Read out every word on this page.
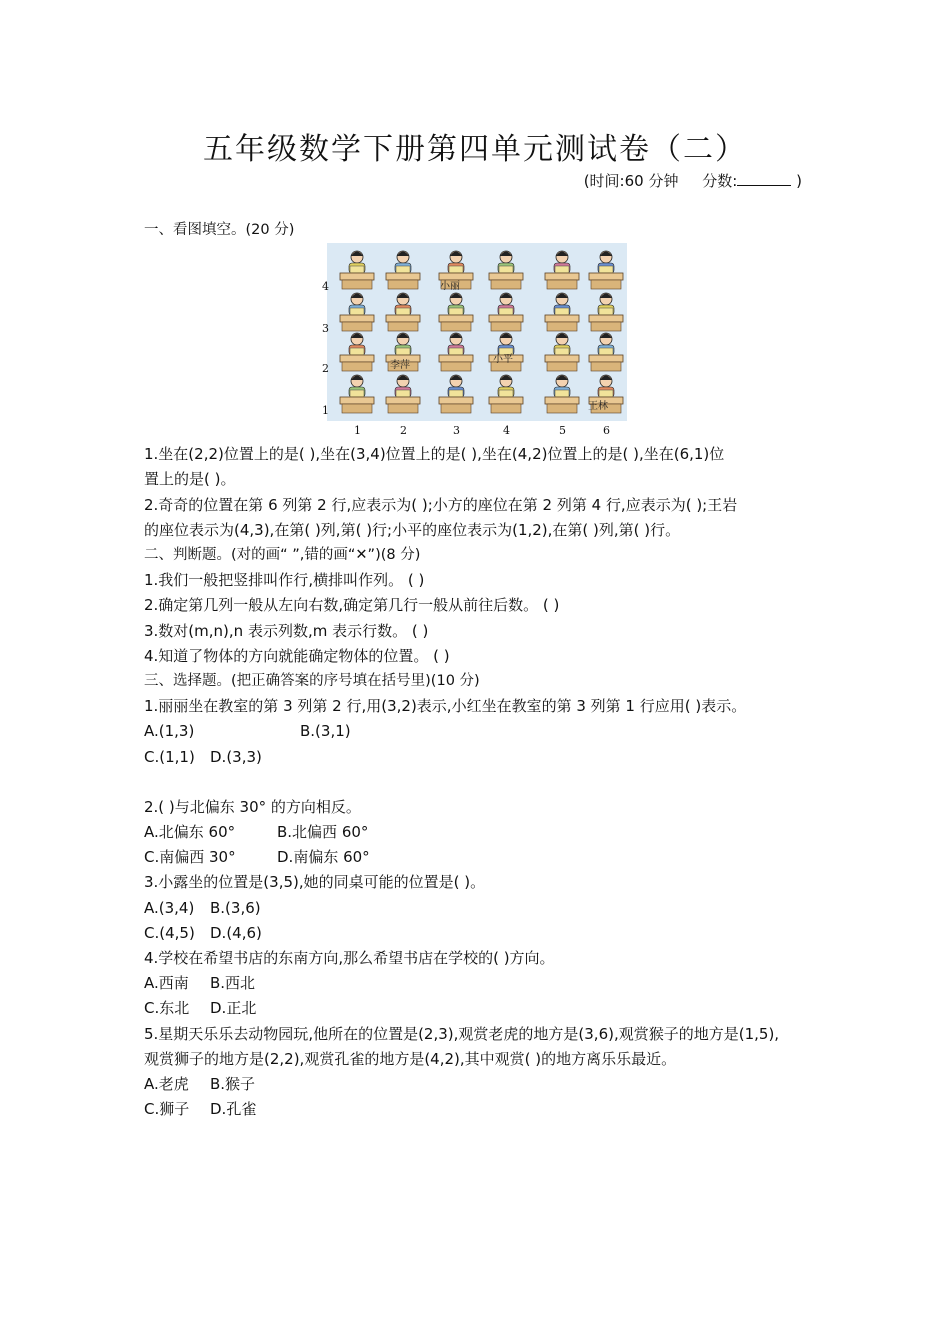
五年级数学下册第四单元测试卷（二）
(时间:60 分钟 分数:	)
一、看图填空。(20 分)
4
3
2
1
1	2	3	4	5	6
小丽
李萍
小平
王林
1.坐在(2,2)位置上的是( ),坐在(3,4)位置上的是( ),坐在(4,2)位置上的是( ),坐在(6,1)位
置上的是( )。
2.奇奇的位置在第 6 列第 2 行,应表示为( );小方的座位在第 2 列第 4 行,应表示为( );王岩
的座位表示为(4,3),在第( )列,第( )行;小平的座位表示为(1,2),在第( )列,第( )行。
二、判断题。(对的画“ ”,错的画“✕”)(8 分)
1.我们一般把竖排叫作行,横排叫作列。 ( )
2.确定第几列一般从左向右数,确定第几行一般从前往后数。 ( )
3.数对(m,n),n 表示列数,m 表示行数。 ( )
4.知道了物体的方向就能确定物体的位置。 ( )
三、选择题。(把正确答案的序号填在括号里)(10 分)
1.丽丽坐在教室的第 3 列第 2 行,用(3,2)表示,小红坐在教室的第 3 列第 1 行应用( )表示。
A.(1,3)	B.(3,1)
C.(1,1) D.(3,3)
2.( )与北偏东 30° 的方向相反。
A.北偏东 60°	B.北偏西 60°
C.南偏西 30°	D.南偏东 60°
3.小露坐的位置是(3,5),她的同桌可能的位置是( )。
A.(3,4) B.(3,6)
C.(4,5) D.(4,6)
4.学校在希望书店的东南方向,那么希望书店在学校的( )方向。
A.西南 B.西北
C.东北 D.正北
5.星期天乐乐去动物园玩,他所在的位置是(2,3),观赏老虎的地方是(3,6),观赏猴子的地方是(1,5),
观赏狮子的地方是(2,2),观赏孔雀的地方是(4,2),其中观赏( )的地方离乐乐最近。
A.老虎 B.猴子
C.狮子 D.孔雀
